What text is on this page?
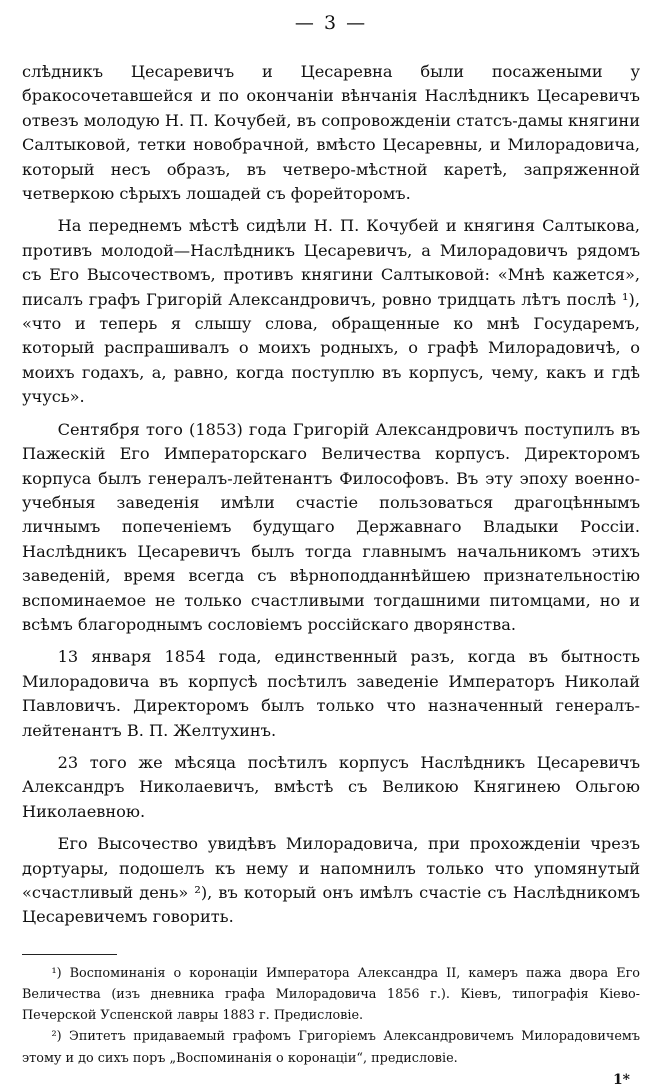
— 3 —

слѣдникъ Цесаревичъ и Цесаревна были посажеными у бракосочетавшейся и по окончаніи вѣнчанія Наслѣдникъ Цесаревичъ отвезъ молодую Н. П. Кочубей, въ сопровожденіи статсъ-дамы княгини Салтыковой, тетки новобрачной, вмѣсто Цесаревны, и Милорадовича, который несъ образъ, въ четверо-мѣстной каретѣ, запряженной четверкою сѣрыхъ лошадей съ форейторомъ.

На переднемъ мѣстѣ сидѣли Н. П. Кочубей и княгиня Салтыкова, противъ молодой—Наслѣдникъ Цесаревичъ, а Милорадовичъ рядомъ съ Его Высочествомъ, противъ княгини Салтыковой: «Мнѣ кажется», писалъ графъ Григорій Александровичъ, ровно тридцать лѣтъ послѣ ¹), «что и теперь я слышу слова, обращенные ко мнѣ Государемъ, который распрашивалъ о моихъ родныхъ, о графѣ Милорадовичѣ, о моихъ годахъ, а, равно, когда поступлю въ корпусъ, чему, какъ и гдѣ учусь».

Сентября того (1853) года Григорій Александровичъ поступилъ въ Пажескій Его Императорскаго Величества корпусъ. Директоромъ корпуса былъ генералъ-лейтенантъ Философовъ. Въ эту эпоху военно-учебныя заведенія имѣли счастіе пользоваться драгоцѣннымъ личнымъ попеченіемъ будущаго Державнаго Владыки Россіи. Наслѣдникъ Цесаревичъ былъ тогда главнымъ начальникомъ этихъ заведеній, время всегда съ вѣрноподданнѣйшею признательностію вспоминаемое не только счастливыми тогдашними питомцами, но и всѣмъ благороднымъ сословіемъ россійскаго дворянства.

13 января 1854 года, единственный разъ, когда въ бытность Милорадовича въ корпусѣ посѣтилъ заведеніе Императоръ Николай Павловичъ. Директоромъ былъ только что назначенный генералъ-лейтенантъ В. П. Желтухинъ.

23 того же мѣсяца посѣтилъ корпусъ Наслѣдникъ Цесаревичъ Александръ Николаевичъ, вмѣстѣ съ Великою Княгинею Ольгою Николаевною.

Его Высочество увидѣвъ Милорадовича, при прохожденіи чрезъ дортуары, подошелъ къ нему и напомнилъ только что упомянутый «счастливый день» ²), въ который онъ имѣлъ счастіе съ Наслѣдникомъ Цесаревичемъ говорить.

¹) Воспоминанія о коронаціи Императора Александра II, камеръ пажа двора Его Величества (изъ дневника графа Милорадовича 1856 г.). Кіевъ, типографія Кіево-Печерской Успенской лавры 1883 г. Предисловіе.

²) Эпитетъ придаваемый графомъ Григоріемъ Александровичемъ Милорадовичемъ этому и до сихъ поръ „Воспоминанія о коронаціи“, предисловіе.

1*
